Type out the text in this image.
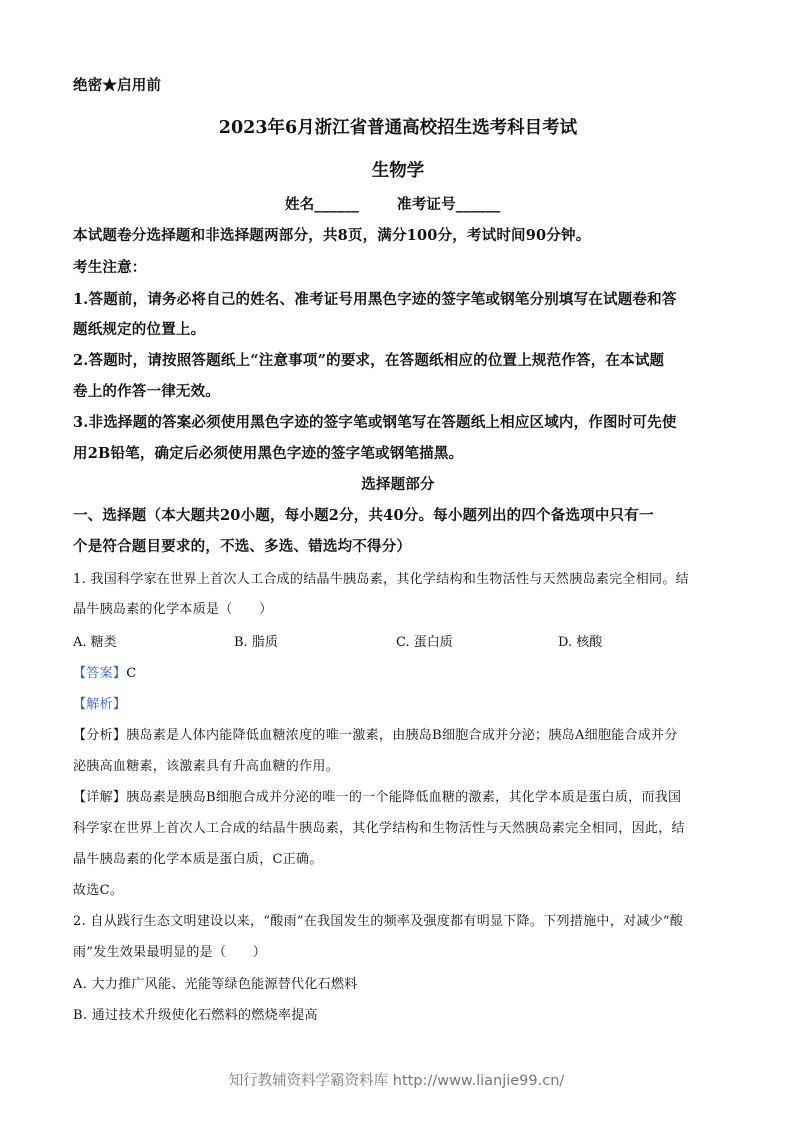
绝密★启用前
2023年6月浙江省普通高校招生选考科目考试
生物学
姓名______	准考证号______
本试题卷分选择题和非选择题两部分，共8页，满分100分，考试时间90分钟。
考生注意：
1.答题前，请务必将自己的姓名、准考证号用黑色字迹的签字笔或钢笔分别填写在试题卷和答
题纸规定的位置上。
2.答题时，请按照答题纸上“注意事项”的要求，在答题纸相应的位置上规范作答，在本试题
卷上的作答一律无效。
3.非选择题的答案必须使用黑色字迹的签字笔或钢笔写在答题纸上相应区域内，作图时可先使
用2B铅笔，确定后必须使用黑色字迹的签字笔或钢笔描黑。
选择题部分
一、选择题（本大题共20小题，每小题2分，共40分。每小题列出的四个备选项中只有一
个是符合题目要求的，不选、多选、错选均不得分）
1. 我国科学家在世界上首次人工合成的结晶牛胰岛素，其化学结构和生物活性与天然胰岛素完全相同。结
晶牛胰岛素的化学本质是（　　）
A. 糖类	B. 脂质	C. 蛋白质	D. 核酸
【答案】C
【解析】
【分析】胰岛素是人体内能降低血糖浓度的唯一激素，由胰岛B细胞合成并分泌；胰岛A细胞能合成并分
泌胰高血糖素，该激素具有升高血糖的作用。
【详解】胰岛素是胰岛B细胞合成并分泌的唯一的一个能降低血糖的激素，其化学本质是蛋白质，而我国
科学家在世界上首次人工合成的结晶牛胰岛素，其化学结构和生物活性与天然胰岛素完全相同，因此，结
晶牛胰岛素的化学本质是蛋白质，C正确。
故选C。
2. 自从践行生态文明建设以来，“酸雨”在我国发生的频率及强度都有明显下降。下列措施中，对减少“酸
雨”发生效果最明显的是（　　）
A. 大力推广风能、光能等绿色能源替代化石燃料
B. 通过技术升级使化石燃料的燃烧率提高
知行教辅资料学霸资料库 http://www.lianjie99.cn/
